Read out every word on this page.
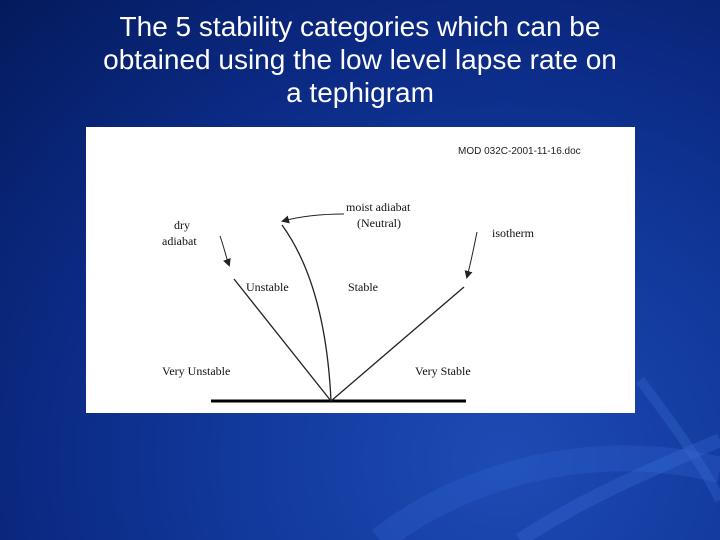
The 5 stability categories which can be
obtained using the low level lapse rate on
a tephigram
MOD 032C-2001-11-16.doc
dry
adiabat
moist adiabat
(Neutral)
isotherm
Unstable	Stable
Very Unstable	Very Stable
